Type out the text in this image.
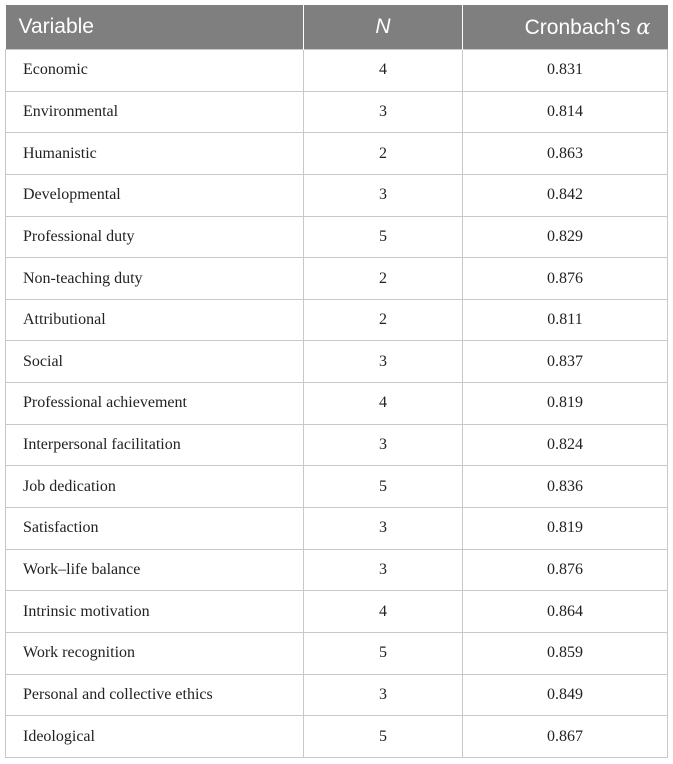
Variable	N	Cronbach’s α
Economic	4	0.831
Environmental	3	0.814
Humanistic	2	0.863
Developmental	3	0.842
Professional duty	5	0.829
Non-teaching duty	2	0.876
Attributional	2	0.811
Social	3	0.837
Professional achievement	4	0.819
Interpersonal facilitation	3	0.824
Job dedication	5	0.836
Satisfaction	3	0.819
Work–life balance	3	0.876
Intrinsic motivation	4	0.864
Work recognition	5	0.859
Personal and collective ethics	3	0.849
Ideological	5	0.867
